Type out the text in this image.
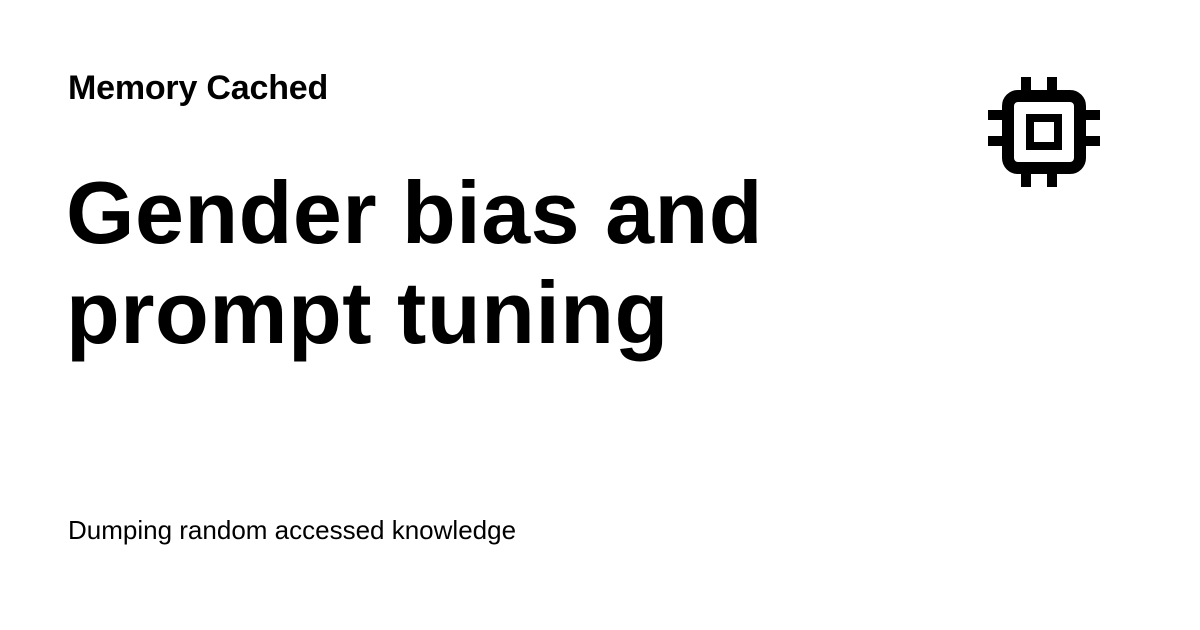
Memory Cached
Gender bias and prompt tuning
Dumping random accessed knowledge
